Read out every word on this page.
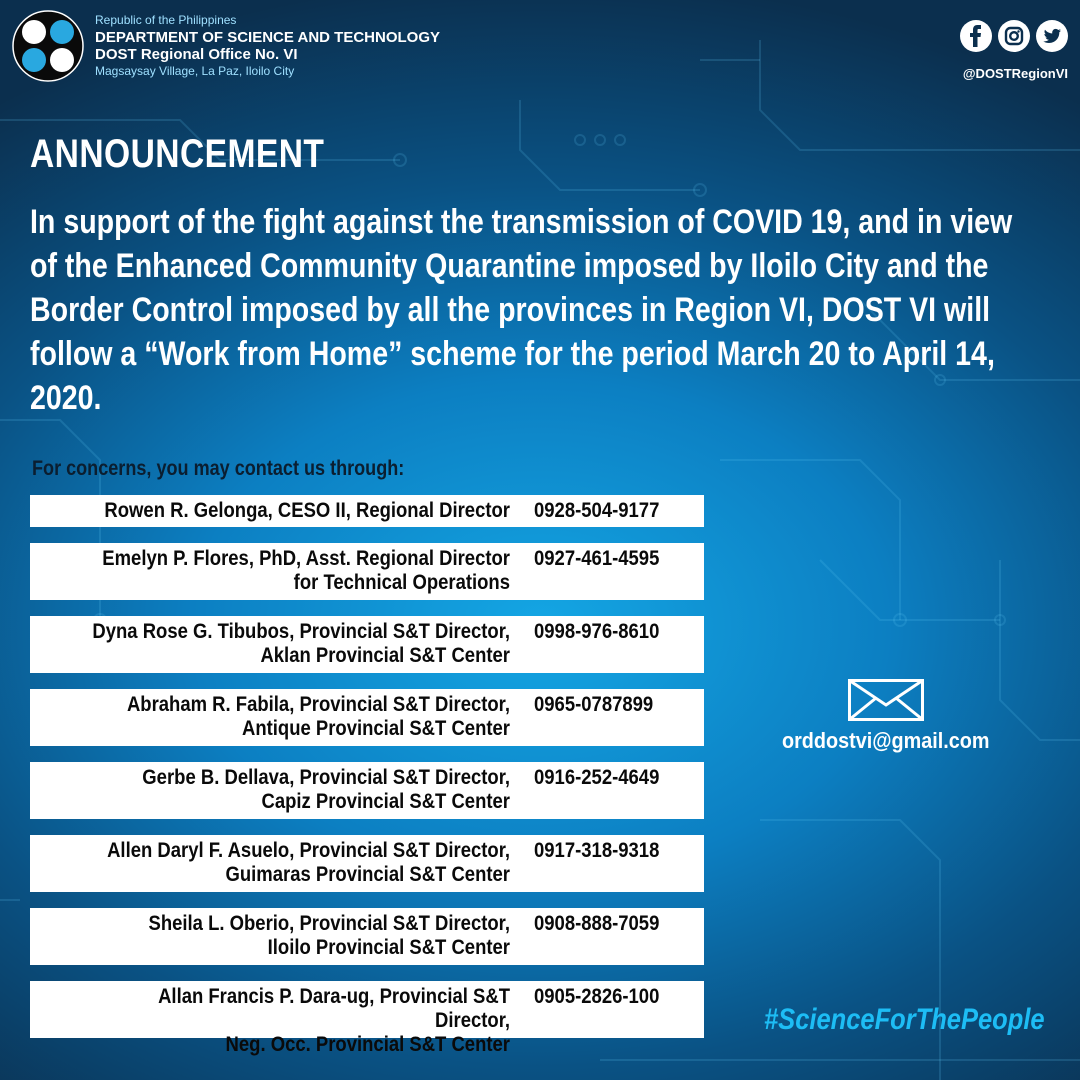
Republic of the Philippines
DEPARTMENT OF SCIENCE AND TECHNOLOGY
DOST Regional Office No. VI
Magsaysay Village, La Paz, Iloilo City	@DOSTRegionVI
ANNOUNCEMENT

In support of the fight against the transmission of COVID 19, and in view of the Enhanced Community Quarantine imposed by Iloilo City and the Border Control imposed by all the provinces in Region VI, DOST VI will follow a “Work from Home” scheme for the period March 20 to April 14, 2020.

For concerns, you may contact us through:
Rowen R. Gelonga, CESO II, Regional Director 0928-504-9177
Emelyn P. Flores, PhD, Asst. Regional Director
for Technical Operations
0927-461-4595
Dyna Rose G. Tibubos, Provincial S&T Director,
Aklan Provincial S&T Center
0998-976-8610
Abraham R. Fabila, Provincial S&T Director,
Antique Provincial S&T Center
0965-0787899
Gerbe B. Dellava, Provincial S&T Director,
Capiz Provincial S&T Center
0916-252-4649
Allen Daryl F. Asuelo, Provincial S&T Director,
Guimaras Provincial S&T Center
0917-318-9318
Sheila L. Oberio, Provincial S&T Director,
Iloilo Provincial S&T Center
0908-888-7059
Allan Francis P. Dara-ug, Provincial S&T Director,
Neg. Occ. Provincial S&T Center
0905-2826-100
orddostvi@gmail.com
#ScienceForThePeople
